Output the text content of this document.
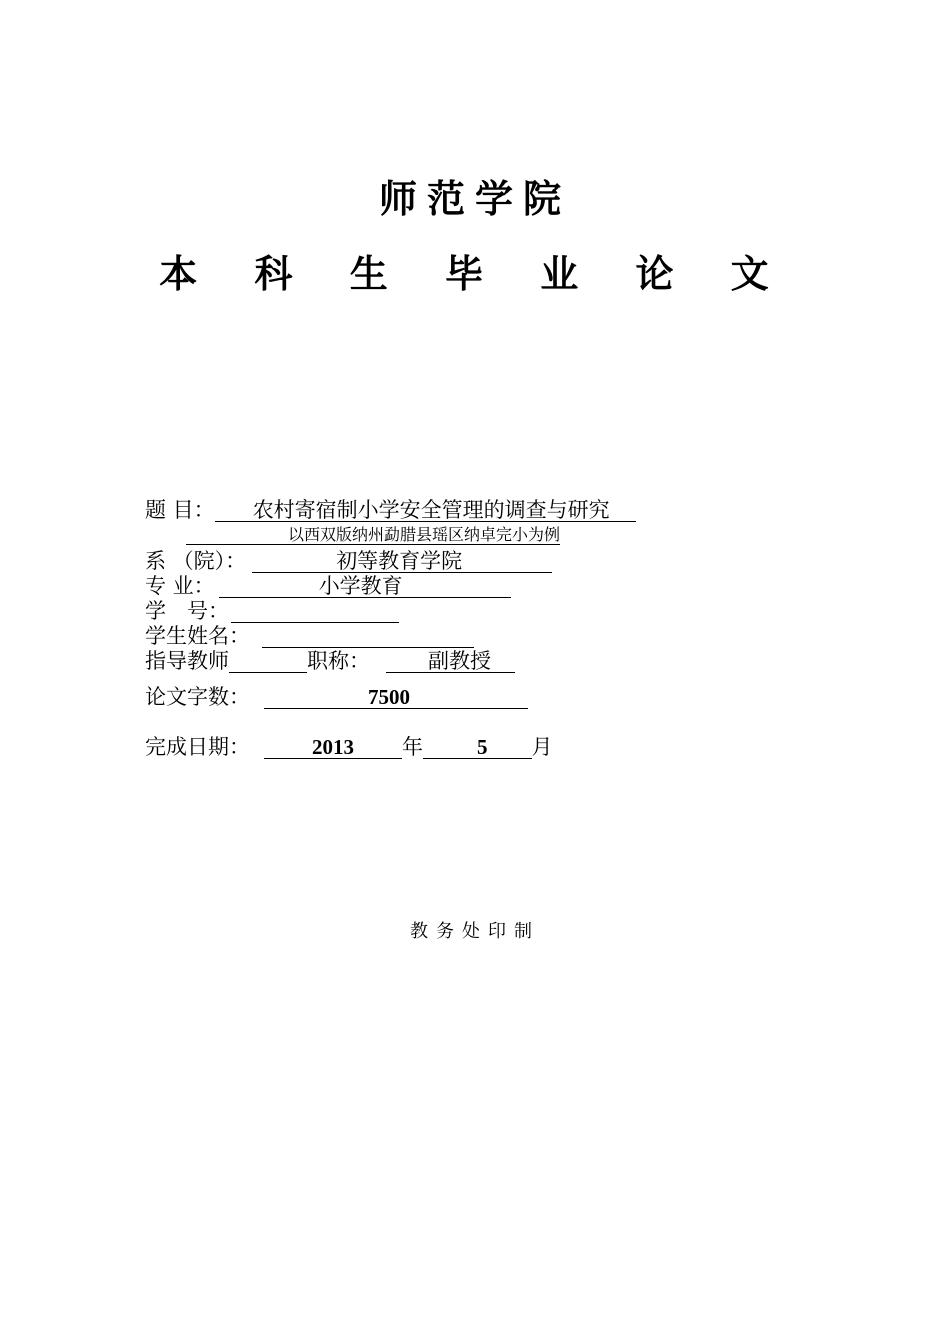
师范学院
本 科 生 毕 业 论 文
题 目： 农村寄宿制小学安全管理的调查与研究
以西双版纳州勐腊县瑶区纳卓完小为例
系 （院）：	初等教育学院
专 业：	小学教育
学　号：
学生姓名：
指导教师	职称：	副教授
论文字数：	7500
完成日期：	2013 年	5 月
教务处印制
